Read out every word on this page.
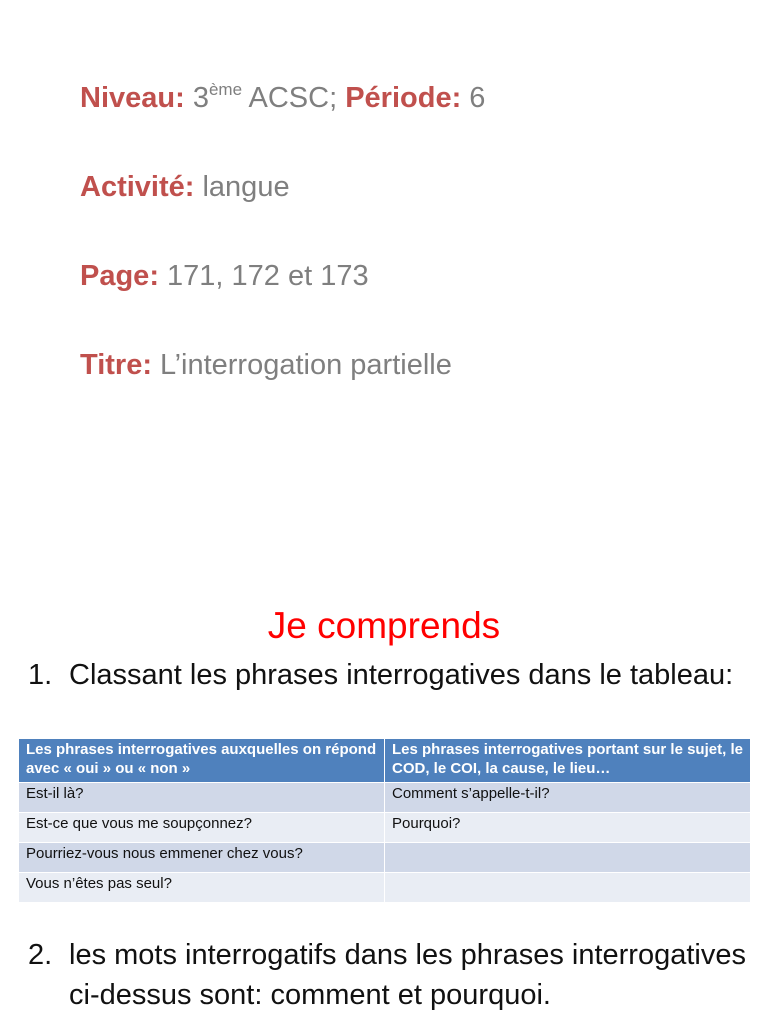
Niveau: 3ème ACSC; Période: 6
Activité: langue
Page: 171, 172 et 173
Titre: L’interrogation partielle
Je comprends
1. Classant les phrases interrogatives dans le tableau:
Les phrases interrogatives auxquelles on répond avec « oui » ou « non »	Les phrases interrogatives portant sur le sujet, le COD, le COI, la cause, le lieu…
Est-il là?	Comment s’appelle-t-il?
Est-ce que vous me soupçonnez?	Pourquoi?
Pourriez-vous nous emmener chez vous?	
Vous n’êtes pas seul?	
2. les mots interrogatifs dans les phrases interrogatives ci-dessus sont: comment et pourquoi.
